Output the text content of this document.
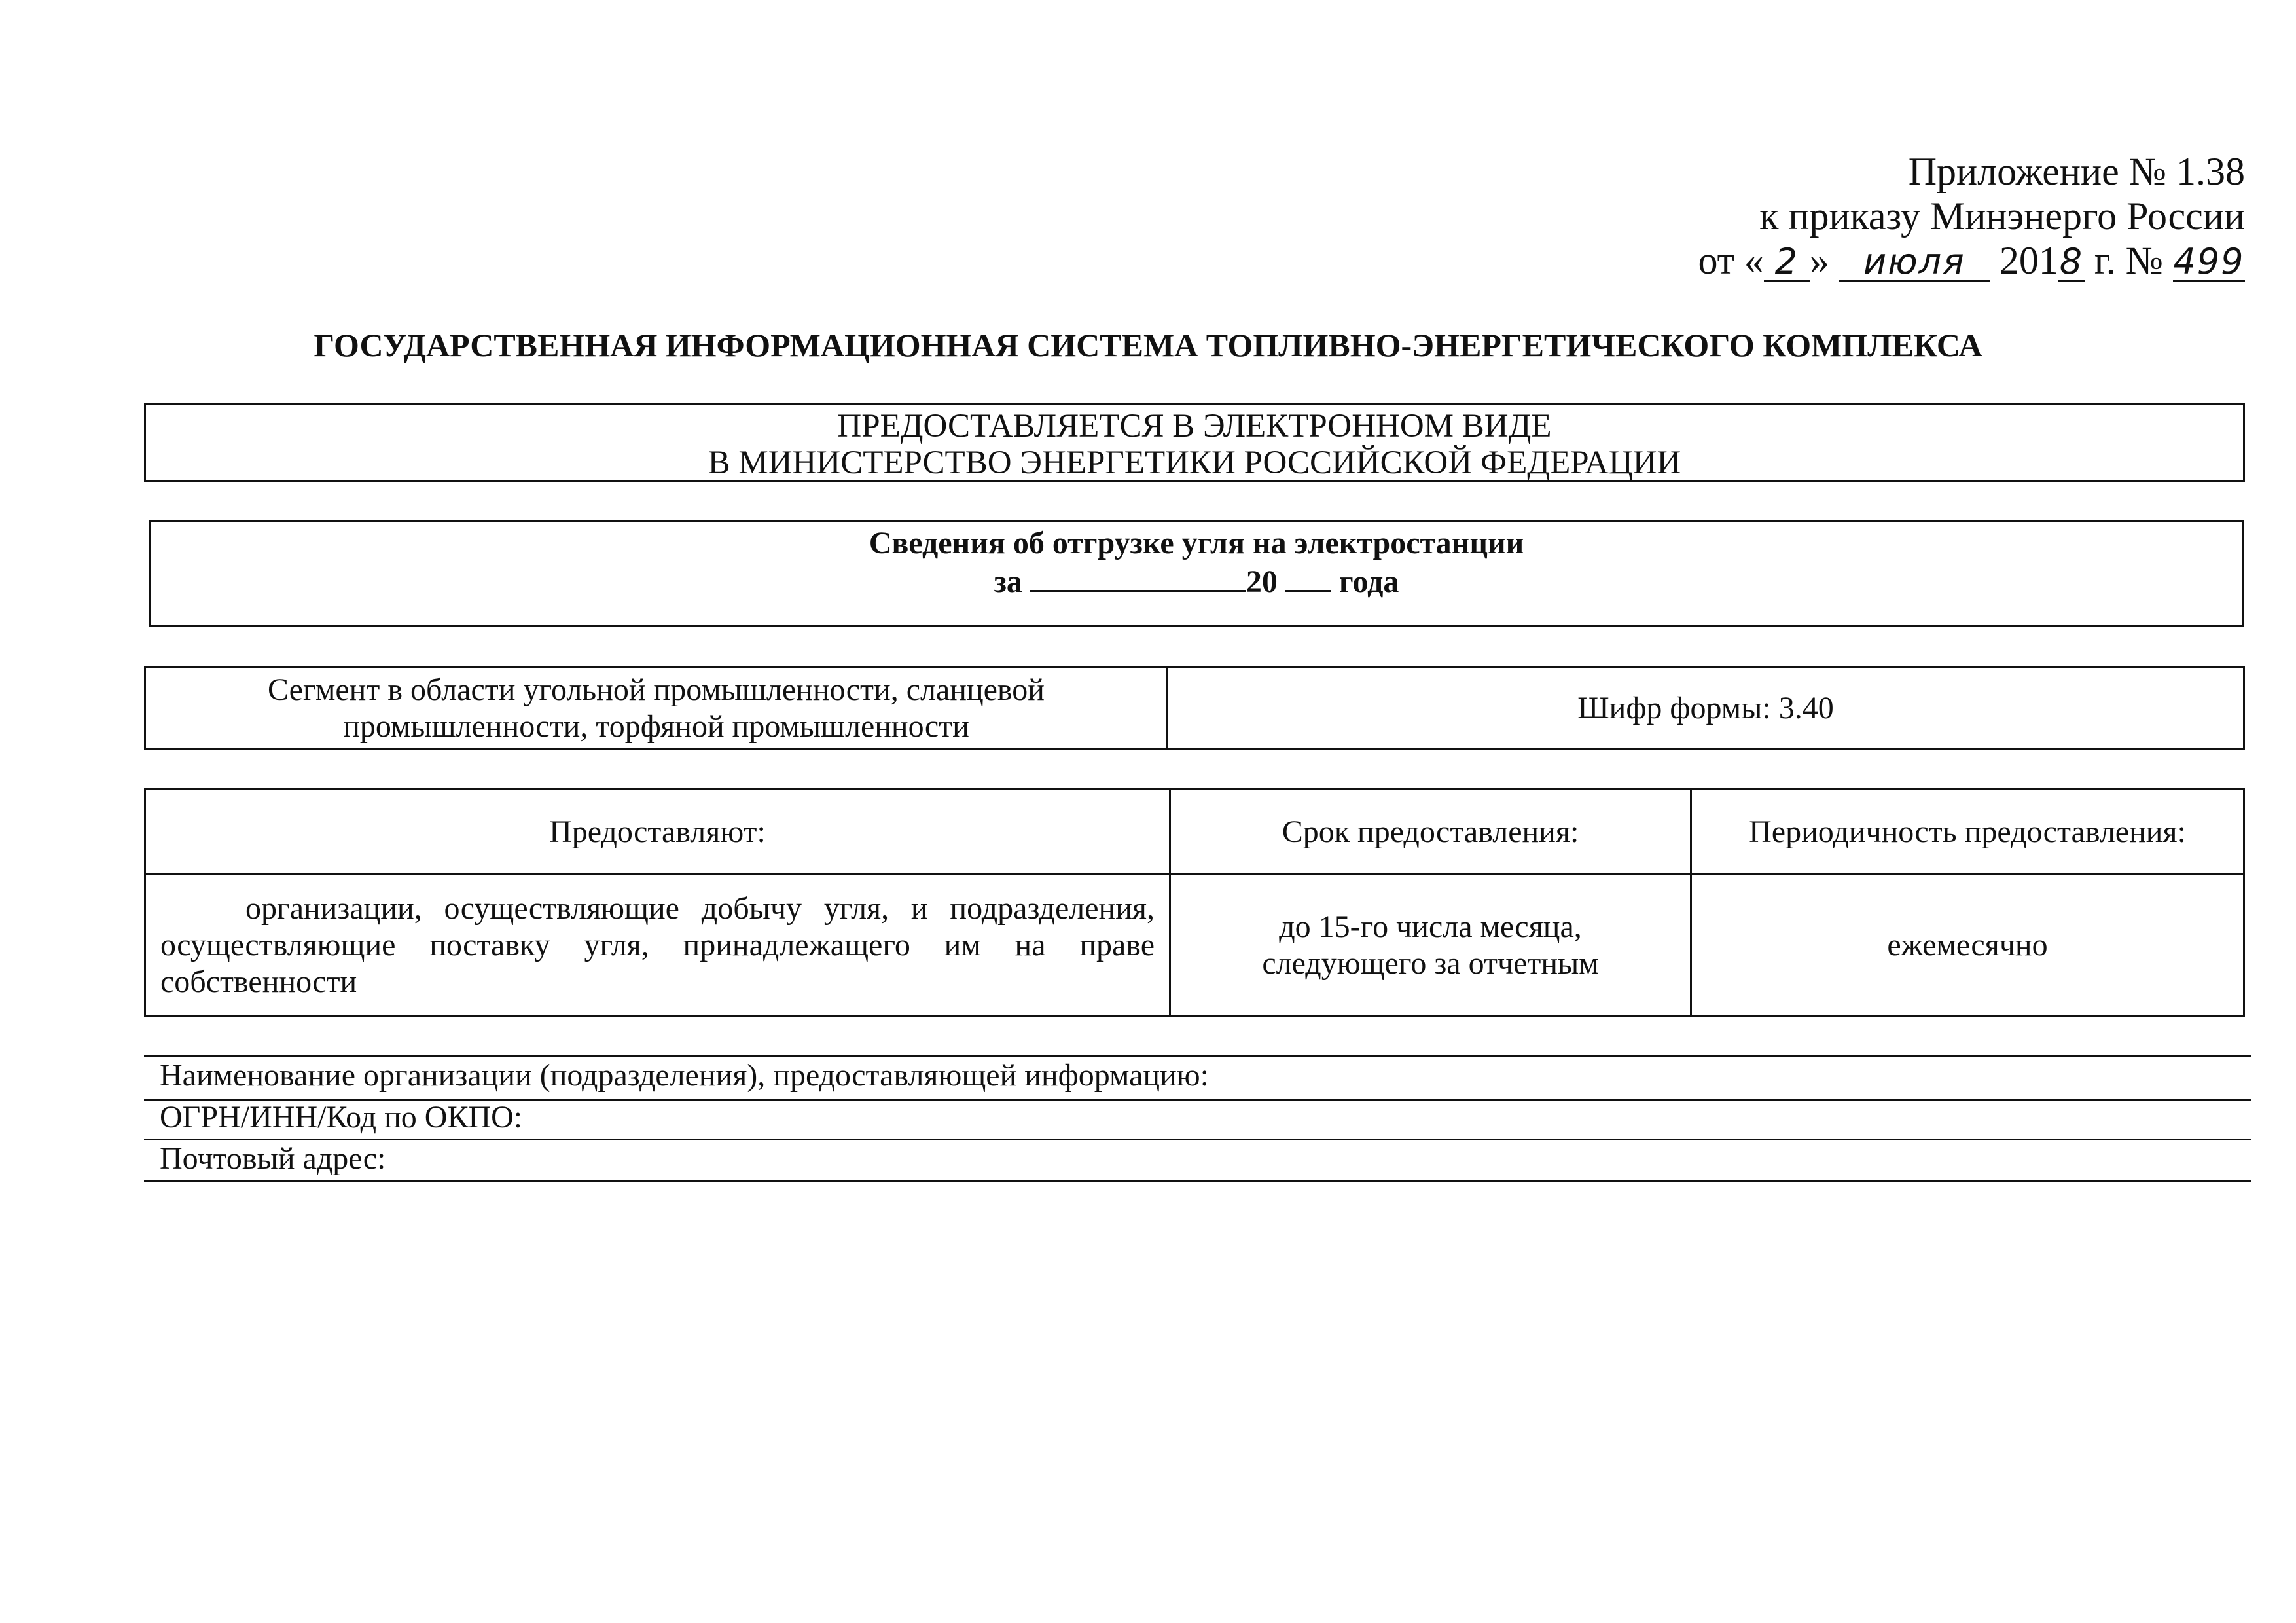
Приложение № 1.38
к приказу Минэнерго России
от « 2 » июля 2018 г. № 499
ГОСУДАРСТВЕННАЯ ИНФОРМАЦИОННАЯ СИСТЕМА ТОПЛИВНО-ЭНЕРГЕТИЧЕСКОГО КОМПЛЕКСА
ПРЕДОСТАВЛЯЕТСЯ В ЭЛЕКТРОННОМ ВИДЕ
В МИНИСТЕРСТВО ЭНЕРГЕТИКИ РОССИЙСКОЙ ФЕДЕРАЦИИ
Сведения об отгрузке угля на электростанции
за	20 года
Сегмент в области угольной промышленности, сланцевой промышленности, торфяной промышленности	Шифр формы: 3.40
Предоставляют:	Срок предоставления:	Периодичность предоставления:

организации, осуществляющие добычу угля, и подразделения, осуществляющие поставку угля, принадлежащего им на праве собственности	до 15-го числа месяца, следующего за отчетным	ежемесячно
Наименование организации (подразделения), предоставляющей информацию:
ОГРН/ИНН/Код по ОКПО:
Почтовый адрес:
